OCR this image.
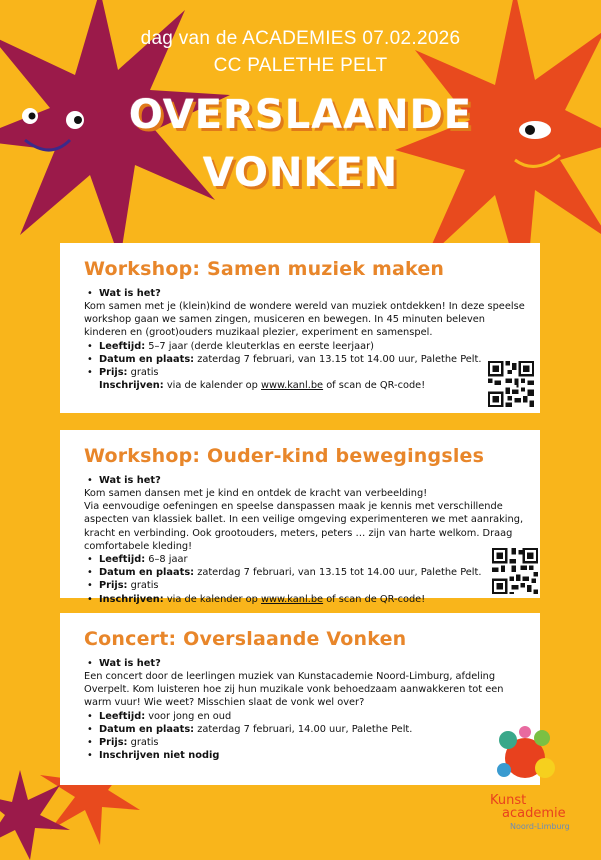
dag van de ACADEMIES 07.02.2026
CC PALETHE PELT
OVERSLAANDE
VONKEN
Workshop: Samen muziek maken
• Wat is het?

Kom samen met je (klein)kind de wondere wereld van muziek ontdekken! In deze speelse workshop gaan we samen zingen, musiceren en bewegen. In 45 minuten beleven kinderen en (groot)ouders muzikaal plezier, experiment en samenspel.

• Leeftijd: 5–7 jaar (derde kleuterklas en eerste leerjaar)
• Datum en plaats: zaterdag 7 februari, van 13.15 tot 14.00 uur, Palethe Pelt.
• Prijs: gratis
Inschrijven: via de kalender op www.kanl.be of scan de QR-code!
Workshop: Ouder-kind bewegingsles
• Wat is het?

Kom samen dansen met je kind en ontdek de kracht van verbeelding!

Via eenvoudige oefeningen en speelse danspassen maak je kennis met verschillende aspecten van klassiek ballet. In een veilige omgeving experimenteren we met aanraking, kracht en verbinding. Ook grootouders, meters, peters … zijn van harte welkom. Draag comfortabele kleding!

• Leeftijd: 6–8 jaar
• Datum en plaats: zaterdag 7 februari, van 13.15 tot 14.00 uur, Palethe Pelt.
• Prijs: gratis
• Inschrijven: via de kalender op www.kanl.be of scan de QR-code!
Concert: Overslaande Vonken
• Wat is het?

Een concert door de leerlingen muziek van Kunstacademie Noord-Limburg, afdeling Overpelt. Kom luisteren hoe zij hun muzikale vonk behoedzaam aanwakkeren tot een warm vuur! Wie weet? Misschien slaat de vonk wel over?

• Leeftijd: voor jong en oud
• Datum en plaats: zaterdag 7 februari, 14.00 uur, Palethe Pelt.
• Prijs: gratis
• Inschrijven niet nodig
Kunst
academie
Noord-Limburg
